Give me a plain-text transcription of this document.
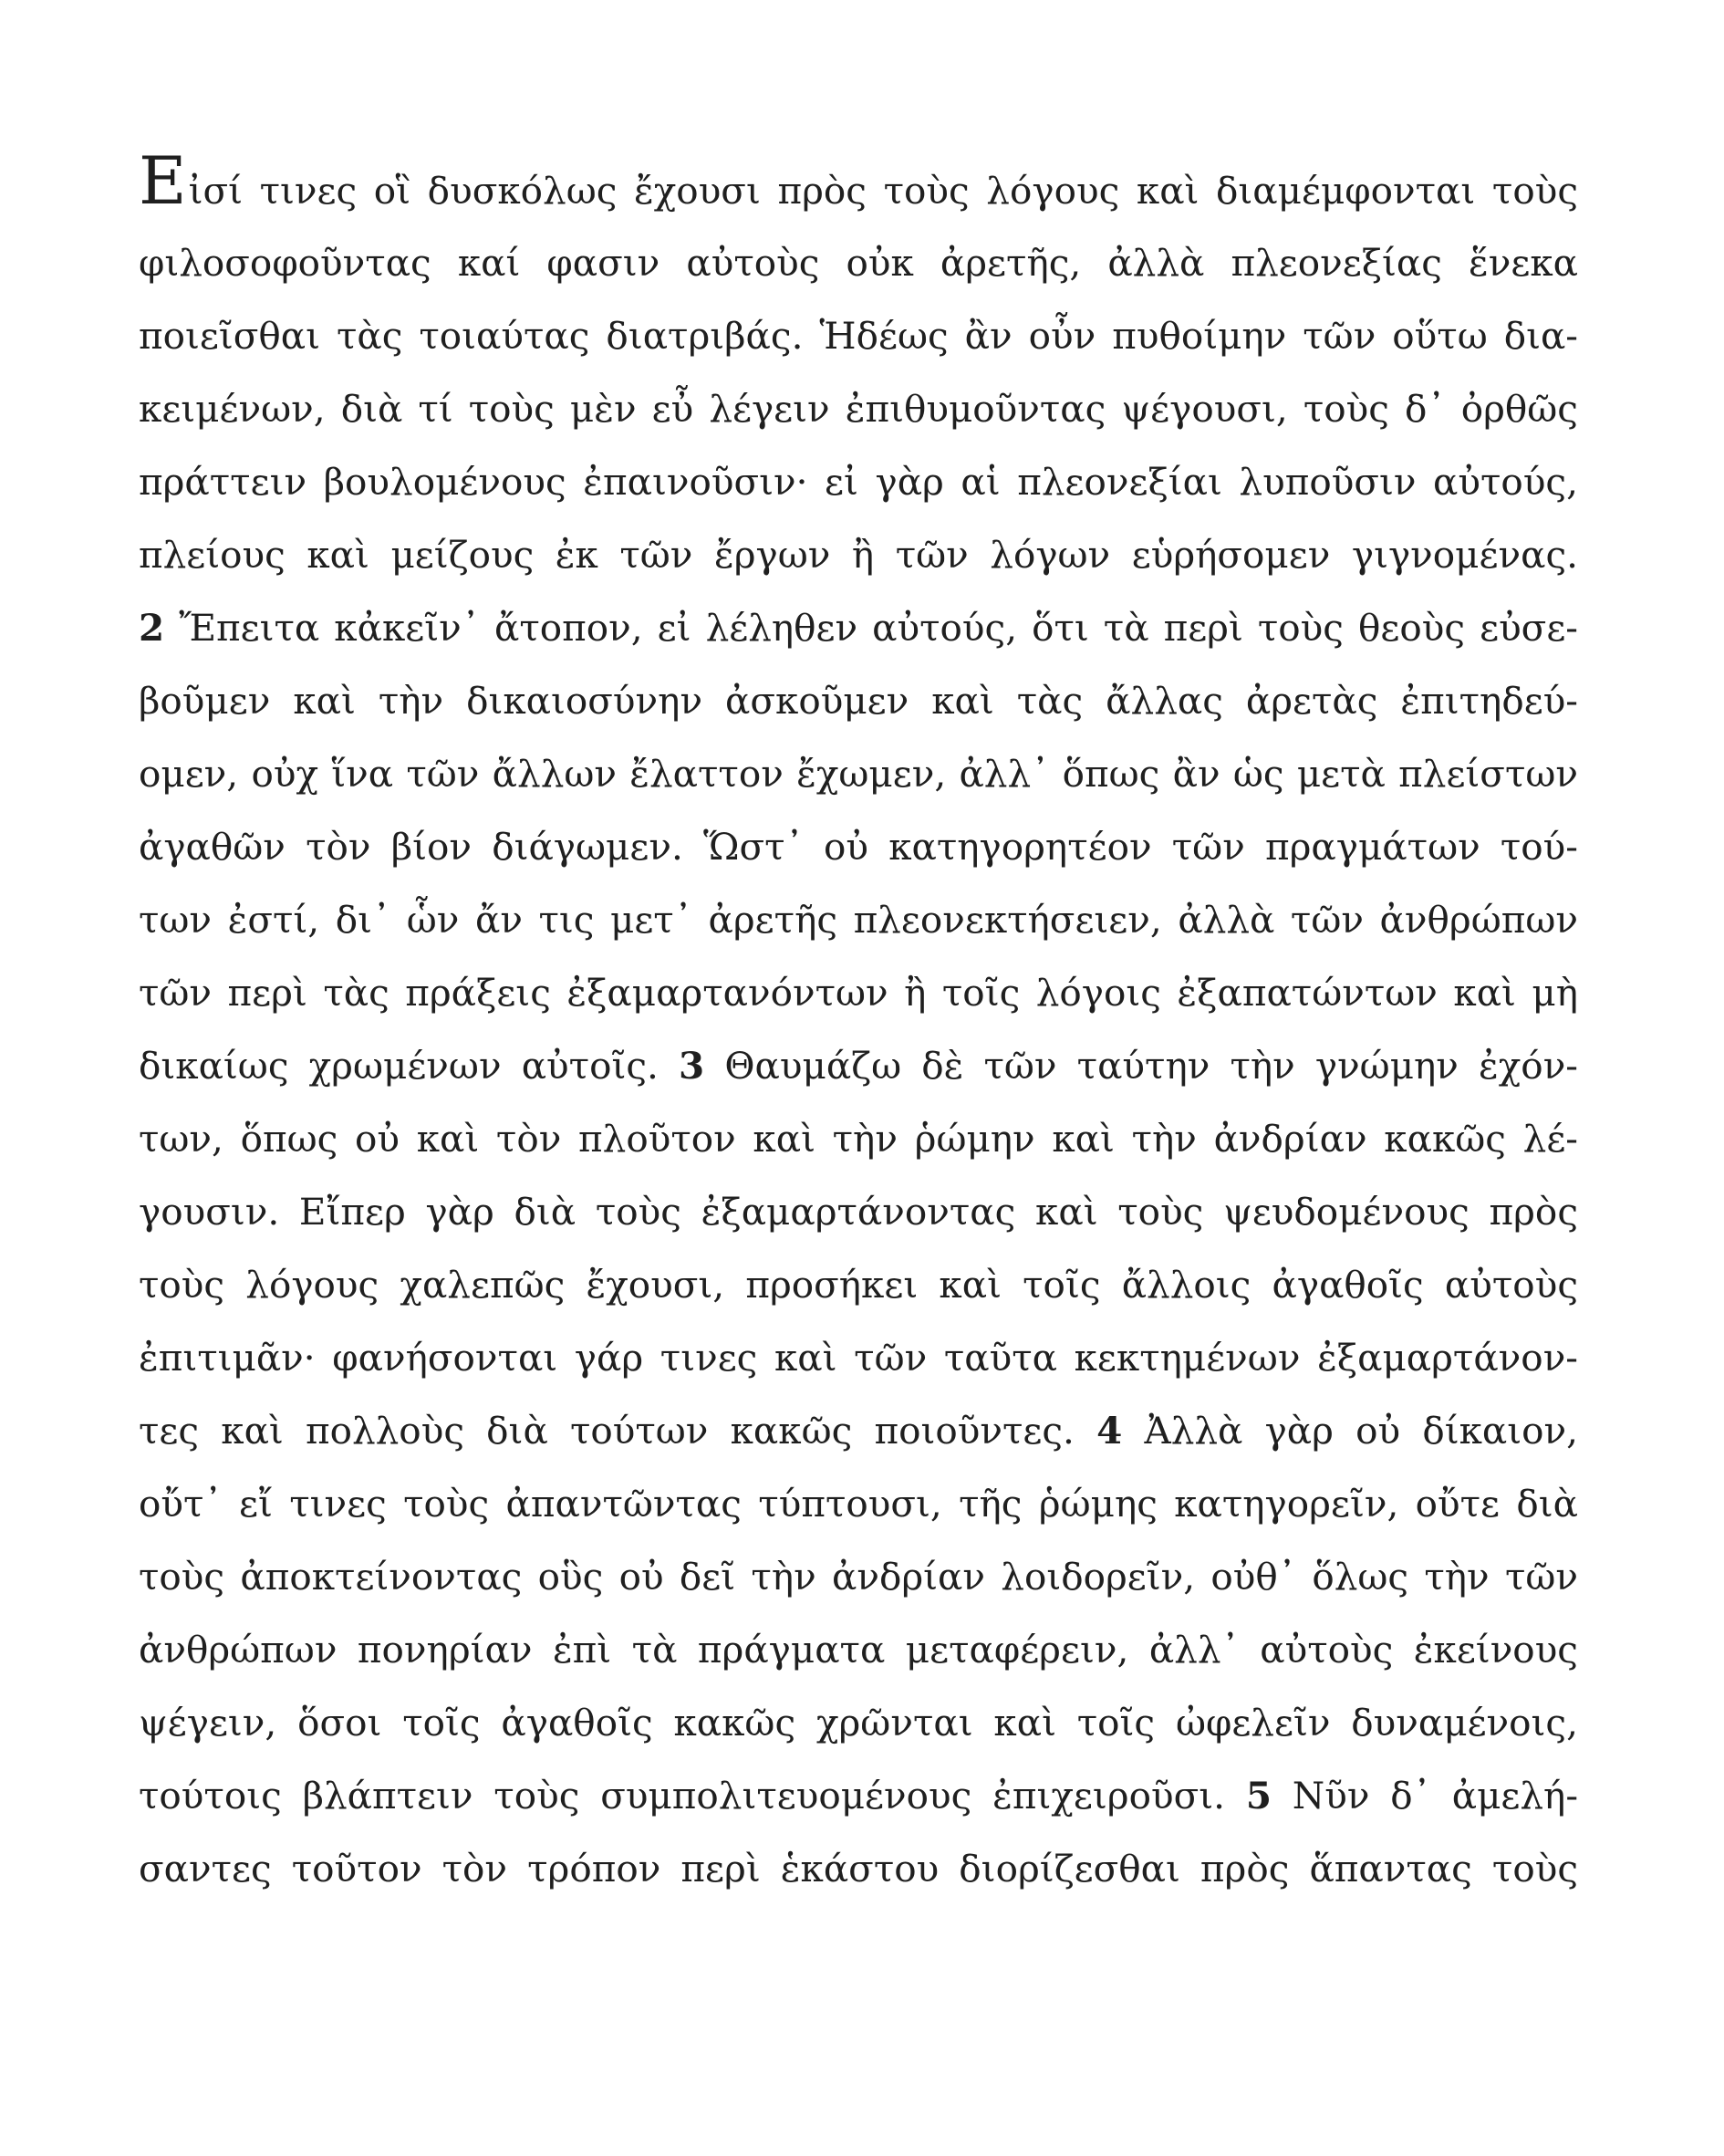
Εἰσί τινες οἳ δυσκόλως ἔχουσι πρὸς τοὺς λόγους καὶ διαμέμφονται τοὺς
φιλοσοφοῦντας καί φασιν αὐτοὺς οὐκ ἀρετῆς, ἀλλὰ πλεονεξίας ἕνεκα
ποιεῖσθαι τὰς τοιαύτας διατριβάς. Ἡδέως ἂν οὖν πυθοίμην τῶν οὕτω δια-
κειμένων, διὰ τί τοὺς μὲν εὖ λέγειν ἐπιθυμοῦντας ψέγουσι, τοὺς δ᾽ ὀρθῶς
πράττειν βουλομένους ἐπαινοῦσιν· εἰ γὰρ αἱ πλεονεξίαι λυποῦσιν αὐτούς,
πλείους καὶ μείζους ἐκ τῶν ἔργων ἢ τῶν λόγων εὑρήσομεν γιγνομένας.
2 Ἔπειτα κἀκεῖν᾽ ἄτοπον, εἰ λέληθεν αὐτούς, ὅτι τὰ περὶ τοὺς θεοὺς εὐσε-
βοῦμεν καὶ τὴν δικαιοσύνην ἀσκοῦμεν καὶ τὰς ἄλλας ἀρετὰς ἐπιτηδεύ-
ομεν, οὐχ ἵνα τῶν ἄλλων ἔλαττον ἔχωμεν, ἀλλ᾽ ὅπως ἂν ὡς μετὰ πλείστων
ἀγαθῶν τὸν βίον διάγωμεν. Ὥστ᾽ οὐ κατηγορητέον τῶν πραγμάτων τού-
των ἐστί, δι᾽ ὧν ἄν τις μετ᾽ ἀρετῆς πλεονεκτήσειεν, ἀλλὰ τῶν ἀνθρώπων
τῶν περὶ τὰς πράξεις ἐξαμαρτανόντων ἢ τοῖς λόγοις ἐξαπατώντων καὶ μὴ
δικαίως χρωμένων αὐτοῖς. 3 Θαυμάζω δὲ τῶν ταύτην τὴν γνώμην ἐχόν-
των, ὅπως οὐ καὶ τὸν πλοῦτον καὶ τὴν ῥώμην καὶ τὴν ἀνδρίαν κακῶς λέ-
γουσιν. Εἴπερ γὰρ διὰ τοὺς ἐξαμαρτάνοντας καὶ τοὺς ψευδομένους πρὸς
τοὺς λόγους χαλεπῶς ἔχουσι, προσήκει καὶ τοῖς ἄλλοις ἀγαθοῖς αὐτοὺς
ἐπιτιμᾶν· φανήσονται γάρ τινες καὶ τῶν ταῦτα κεκτημένων ἐξαμαρτάνον-
τες καὶ πολλοὺς διὰ τούτων κακῶς ποιοῦντες. 4 Ἀλλὰ γὰρ οὐ δίκαιον,
οὔτ᾽ εἴ τινες τοὺς ἀπαντῶντας τύπτουσι, τῆς ῥώμης κατηγορεῖν, οὔτε διὰ
τοὺς ἀποκτείνοντας οὓς οὐ δεῖ τὴν ἀνδρίαν λοιδορεῖν, οὐθ᾽ ὅλως τὴν τῶν
ἀνθρώπων πονηρίαν ἐπὶ τὰ πράγματα μεταφέρειν, ἀλλ᾽ αὐτοὺς ἐκείνους
ψέγειν, ὅσοι τοῖς ἀγαθοῖς κακῶς χρῶνται καὶ τοῖς ὠφελεῖν δυναμένοις,
τούτοις βλάπτειν τοὺς συμπολιτευομένους ἐπιχειροῦσι. 5 Νῦν δ᾽ ἀμελή-
σαντες τοῦτον τὸν τρόπον περὶ ἑκάστου διορίζεσθαι πρὸς ἅπαντας τοὺς
